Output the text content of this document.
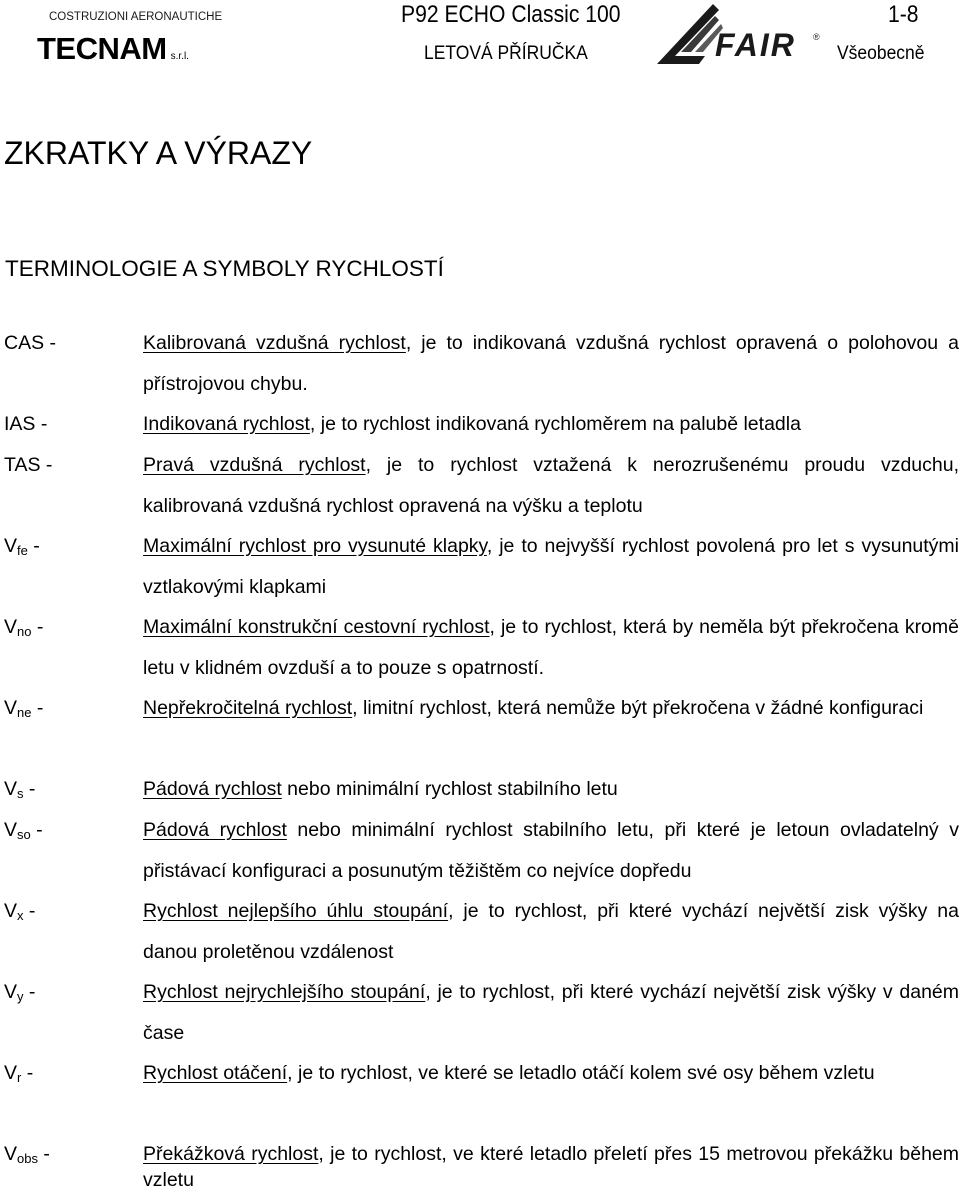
COSTRUZIONI AERONAUTICHE
TECNAM s.r.l.
P92 ECHO Classic 100
LETOVÁ PŘÍRUČKA
1-8
Všeobecně
FAIR ®
ZKRATKY A VÝRAZY
TERMINOLOGIE A SYMBOLY RYCHLOSTÍ
CAS -	Kalibrovaná vzdušná rychlost, je to indikovaná vzdušná rychlost opravená o polohovou a přístrojovou chybu.
IAS -	Indikovaná rychlost, je to rychlost indikovaná rychloměrem na palubě letadla
TAS -	Pravá vzdušná rychlost, je to rychlost vztažená k nerozrušenému proudu vzduchu, kalibrovaná vzdušná rychlost opravená na výšku a teplotu
$V_{fe}$ -	Maximální rychlost pro vysunuté klapky, je to nejvyšší rychlost povolená pro let s vysunutými vztlakovými klapkami
$V_{no}$ -	Maximální konstrukční cestovní rychlost, je to rychlost, která by neměla být překročena kromě letu v klidném ovzduší a to pouze s opatrností.
$V_{ne}$ -	Nepřekročitelná rychlost, limitní rychlost, která nemůže být překročena v žádné konfiguraci
$V_s$ -	Pádová rychlost nebo minimální rychlost stabilního letu
$V_{so}$ -	Pádová rychlost nebo minimální rychlost stabilního letu, při které je letoun ovladatelný v přistávací konfiguraci a posunutým těžištěm co nejvíce dopředu
$V_x$ -	Rychlost nejlepšího úhlu stoupání, je to rychlost, při které vychází největší zisk výšky na danou proletěnou vzdálenost
$V_y$ -	Rychlost nejrychlejšího stoupání, je to rychlost, při které vychází největší zisk výšky v daném čase
$V_r$ -	Rychlost otáčení, je to rychlost, ve které se letadlo otáčí kolem své osy během vzletu
$V_{obs}$ -	Překážková rychlost, je to rychlost, ve které letadlo přeletí přes 15 metrovou překážku během vzletu
